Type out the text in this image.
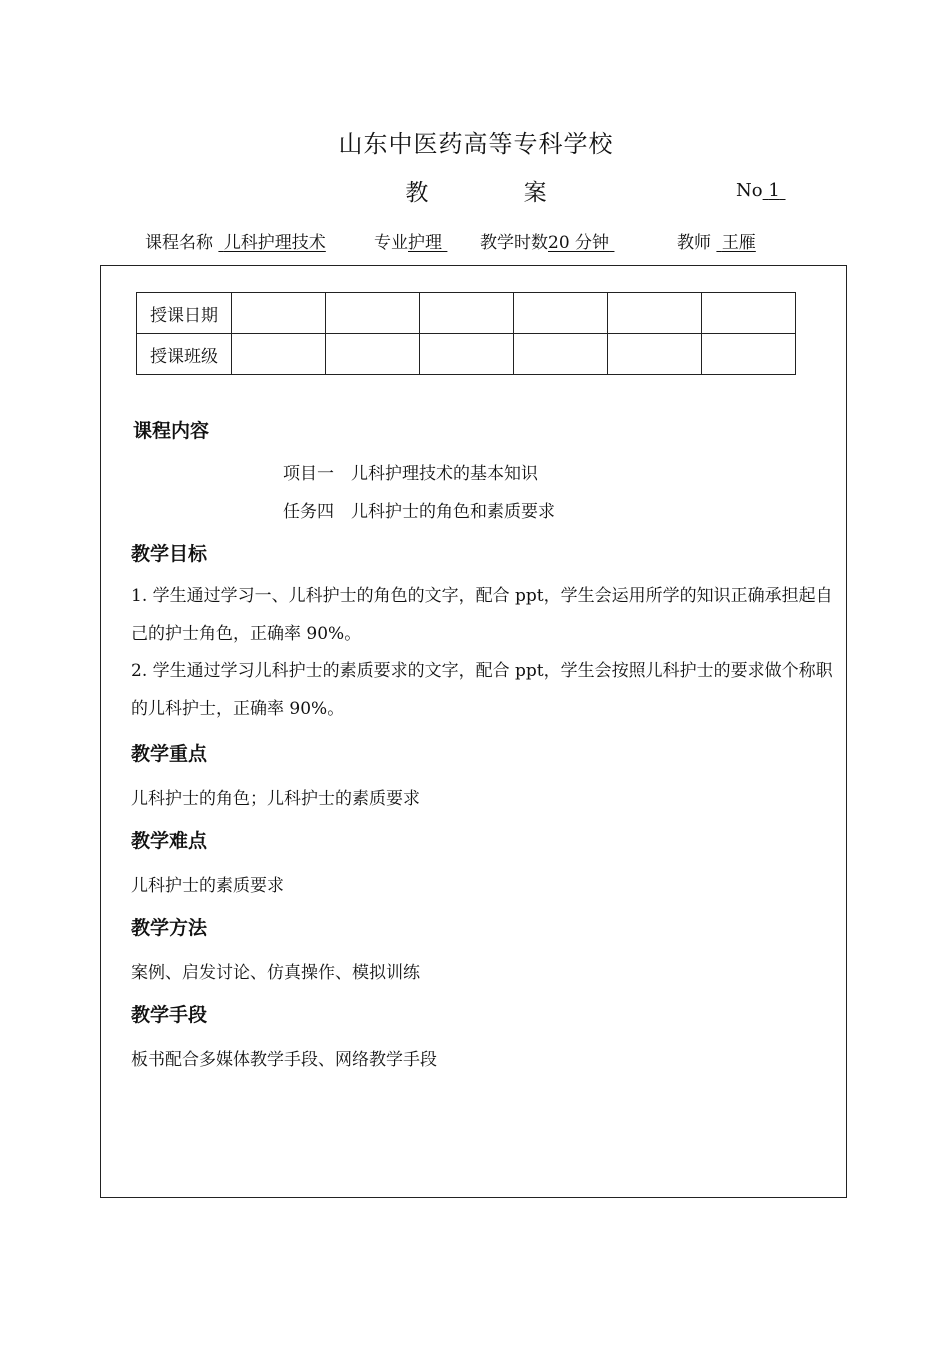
山东中医药高等专科学校
教 案	No 1
课程名称 儿科护理技术	专业护理	教学时数20 分钟	教师 王雁
授课日期						
授课班级						
课程内容
项目一　儿科护理技术的基本知识
任务四　儿科护士的角色和素质要求
教学目标
1. 学生通过学习一、儿科护士的角色的文字，配合 ppt，学生会运用所学的知识正确承担起自己的护士角色，正确率 90%。
2. 学生通过学习儿科护士的素质要求的文字，配合 ppt，学生会按照儿科护士的要求做个称职的儿科护士，正确率 90%。
教学重点
儿科护士的角色；儿科护士的素质要求
教学难点
儿科护士的素质要求
教学方法
案例、启发讨论、仿真操作、模拟训练
教学手段
板书配合多媒体教学手段、网络教学手段
